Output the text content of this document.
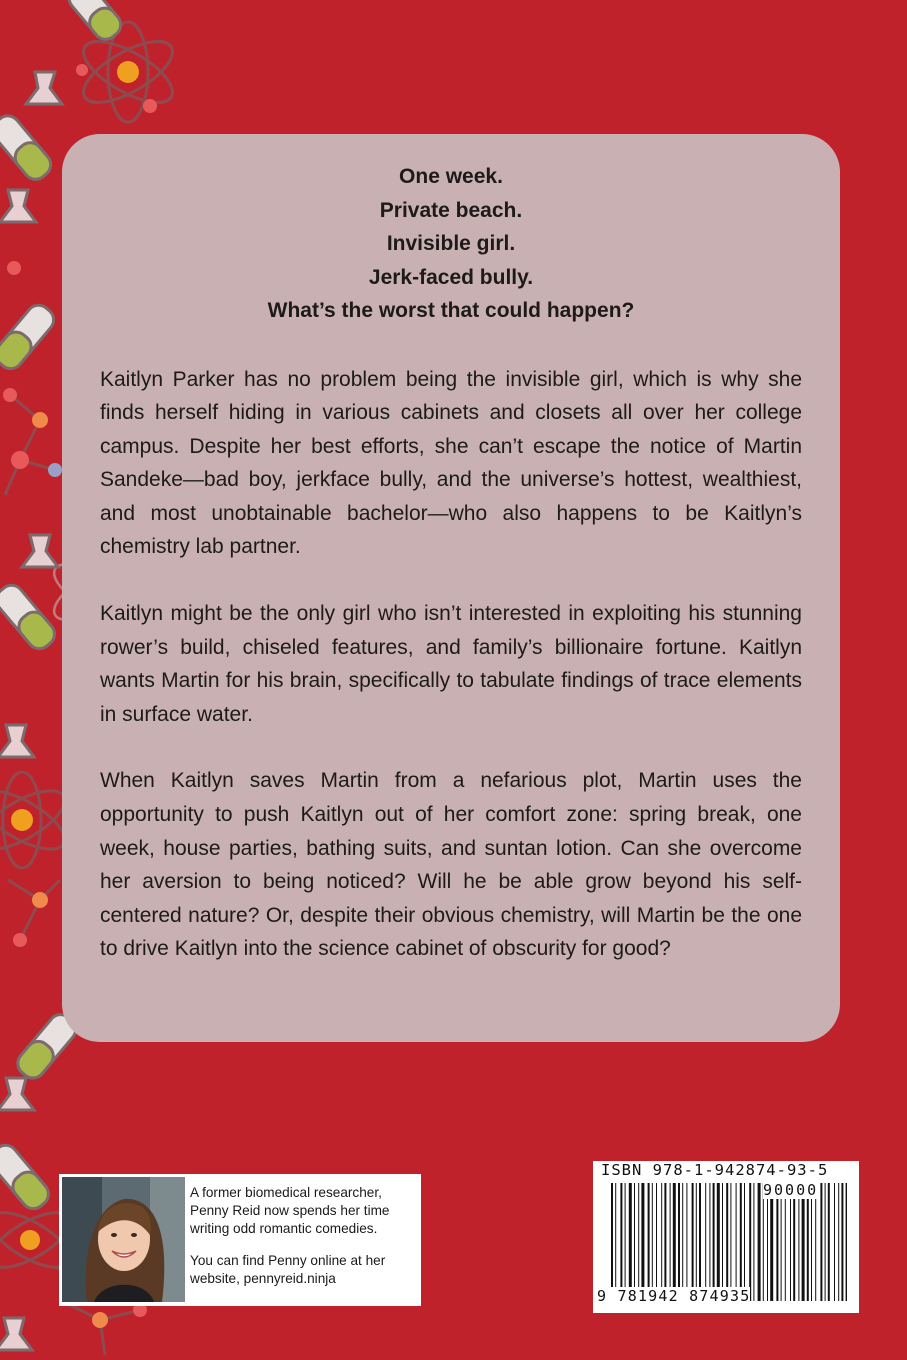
One week.
Private beach.
Invisible girl.
Jerk-faced bully.
What’s the worst that could happen?

Kaitlyn Parker has no problem being the invisible girl, which is why she finds herself hiding in various cabinets and closets all over her college campus. Despite her best efforts, she can’t escape the notice of Martin Sandeke—bad boy, jerkface bully, and the universe’s hottest, wealthiest, and most unobtainable bachelor—who also happens to be Kaitlyn’s chemistry lab partner.

Kaitlyn might be the only girl who isn’t interested in exploiting his stunning rower’s build, chiseled features, and family’s billionaire fortune. Kaitlyn wants Martin for his brain, specifically to tabulate findings of trace elements in surface water.

When Kaitlyn saves Martin from a nefarious plot, Martin uses the opportunity to push Kaitlyn out of her comfort zone: spring break, one week, house parties, bathing suits, and suntan lotion. Can she overcome her aversion to being noticed? Will he be able grow beyond his self-centered nature? Or, despite their obvious chemistry, will Martin be the one to drive Kaitlyn into the science cabinet of obscurity for good?

A former biomedical researcher, Penny Reid now spends her time writing odd romantic comedies.

You can find Penny online at her website, pennyreid.ninja

ISBN 978-1-942874-93-5
90000
9 781942 874935
